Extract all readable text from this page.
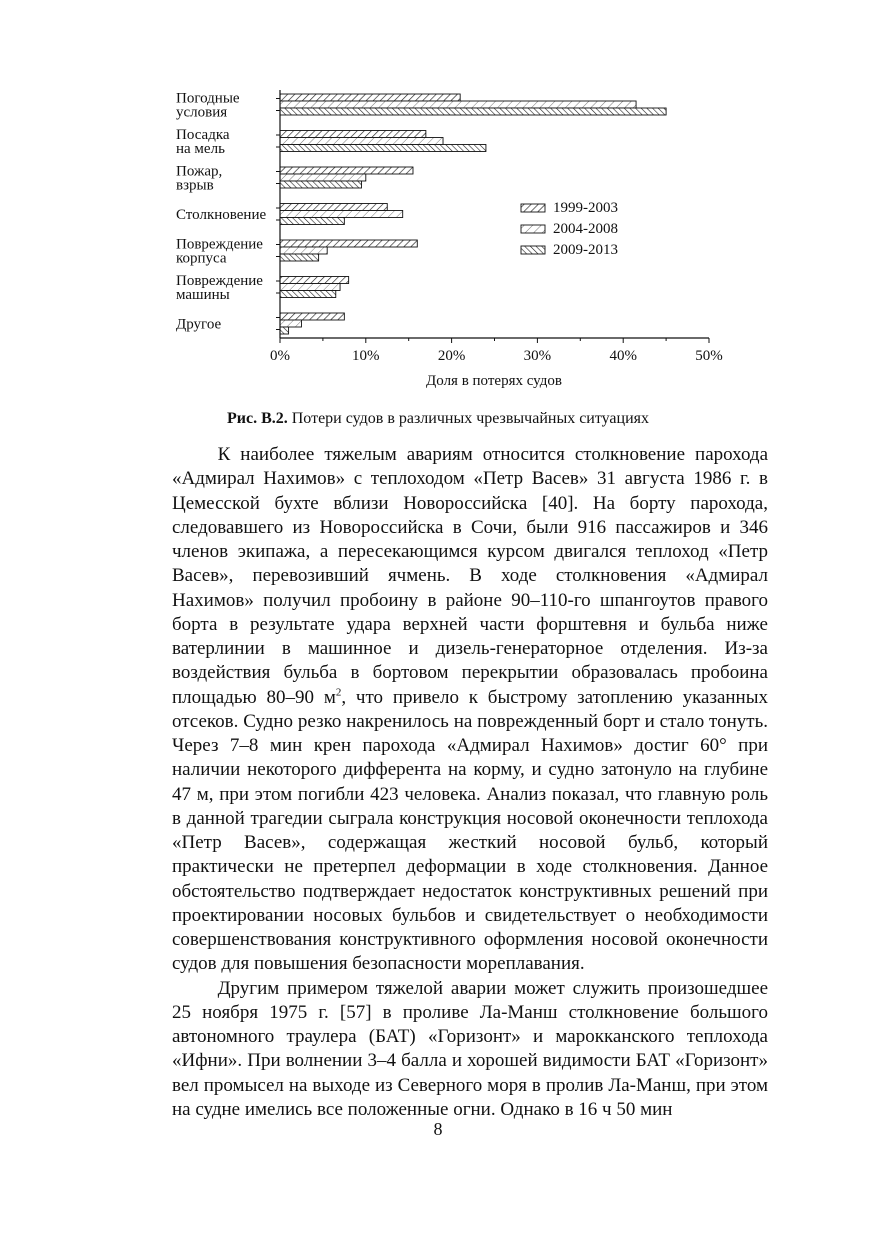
0%	10%	20%	30%	40%	50%
Погодные
условия
Посадка
на мель
Пожар,
взрыв
Столкновение
Повреждение
корпуса
Повреждение
машины
Другое
1999-2003
2004-2008
2009-2013
Доля в потерях судов
Рис. В.2. Потери судов в различных чрезвычайных ситуациях

К наиболее тяжелым авариям относится столкновение парохода «Адмирал Нахимов» с теплоходом «Петр Васев» 31 августа 1986 г. в Цемесской бухте вблизи Новороссийска [40]. На борту парохода, следовавшего из Новороссийска в Сочи, были 916 пассажиров и 346 членов экипажа, а пересекающимся курсом двигался теплоход «Петр Васев», перевозивший ячмень. В ходе столкновения «Адмирал Нахимов» получил пробоину в районе 90–110-го шпангоутов правого борта в результате удара верхней части форштевня и бульба ниже ватерлинии в машинное и дизель-генераторное отделения. Из-за воздействия бульба в бортовом перекрытии образовалась пробоина площадью 80–90 $м^2$, что привело к быстрому затоплению указанных отсеков. Судно резко накренилось на поврежденный борт и стало тонуть. Через 7–8 мин крен парохода «Адмирал Нахимов» достиг 60° при наличии некоторого дифферента на корму, и судно затонуло на глубине 47 м, при этом погибли 423 человека. Анализ показал, что главную роль в данной трагедии сыграла конструкция носовой оконечности теплохода «Петр Васев», содержащая жесткий носовой бульб, который практически не претерпел деформации в ходе столкновения. Данное обстоятельство подтверждает недостаток конструктивных решений при проектировании носовых бульбов и свидетельствует о необходимости совершенствования конструктивного оформления носовой оконечности судов для повышения безопасности мореплавания.

Другим примером тяжелой аварии может служить произошедшее 25 ноября 1975 г. [57] в проливе Ла-Манш столкновение большого автономного траулера (БАТ) «Горизонт» и марокканского теплохода «Ифни». При волнении 3–4 балла и хорошей видимости БАТ «Горизонт» вел промысел на выходе из Северного моря в пролив Ла-Манш, при этом на судне имелись все положенные огни. Однако в 16 ч 50 мин

8
